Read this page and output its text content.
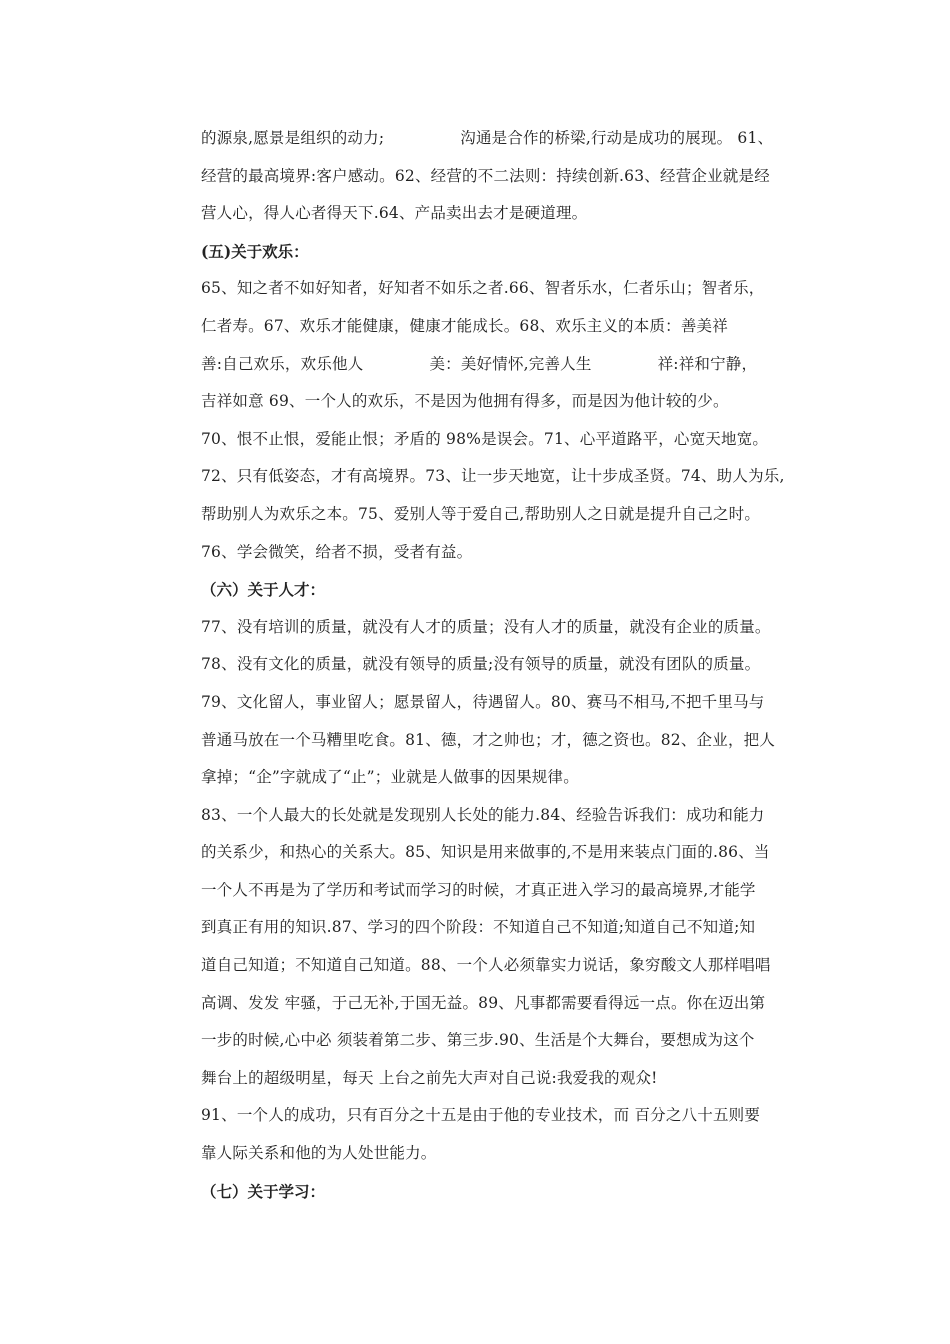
的源泉,愿景是组织的动力;	沟通是合作的桥梁,行动是成功的展现。 61、
经营的最高境界:客户感动。62、经营的不二法则：持续创新.63、经营企业就是经
营人心，得人心者得天下.64、产品卖出去才是硬道理。
(五)关于欢乐：
65、知之者不如好知者，好知者不如乐之者.66、智者乐水，仁者乐山；智者乐，
仁者寿。67、欢乐才能健康，健康才能成长。68、欢乐主义的本质：善美祥
善:自己欢乐，欢乐他人	美：美好情怀,完善人生	祥:祥和宁静，
吉祥如意 69、一个人的欢乐，不是因为他拥有得多，而是因为他计较的少。
70、恨不止恨，爱能止恨；矛盾的 98%是误会。71、心平道路平，心宽天地宽。
72、只有低姿态，才有高境界。73、让一步天地宽，让十步成圣贤。74、助人为乐,
帮助别人为欢乐之本。75、爱别人等于爱自己,帮助别人之日就是提升自己之时。
76、学会微笑，给者不损，受者有益。
（六）关于人才：
77、没有培训的质量，就没有人才的质量；没有人才的质量，就没有企业的质量。
78、没有文化的质量，就没有领导的质量;没有领导的质量，就没有团队的质量。
79、文化留人，事业留人；愿景留人，待遇留人。80、赛马不相马,不把千里马与
普通马放在一个马糟里吃食。81、德，才之帅也；才，德之资也。82、企业，把人
拿掉；“企”字就成了“止”；业就是人做事的因果规律。
83、一个人最大的长处就是发现别人长处的能力.84、经验告诉我们：成功和能力
的关系少，和热心的关系大。85、知识是用来做事的,不是用来装点门面的.86、当
一个人不再是为了学历和考试而学习的时候，才真正进入学习的最高境界,才能学
到真正有用的知识.87、学习的四个阶段：不知道自己不知道;知道自己不知道;知
道自己知道；不知道自己知道。88、一个人必须靠实力说话，象穷酸文人那样唱唱
高调、发发 牢骚，于己无补,于国无益。89、凡事都需要看得远一点。你在迈出第
一步的时候,心中必 须装着第二步、第三步.90、生活是个大舞台，要想成为这个
舞台上的超级明星，每天 上台之前先大声对自己说:我爱我的观众!
91、一个人的成功，只有百分之十五是由于他的专业技术，而 百分之八十五则要
靠人际关系和他的为人处世能力。
（七）关于学习：
